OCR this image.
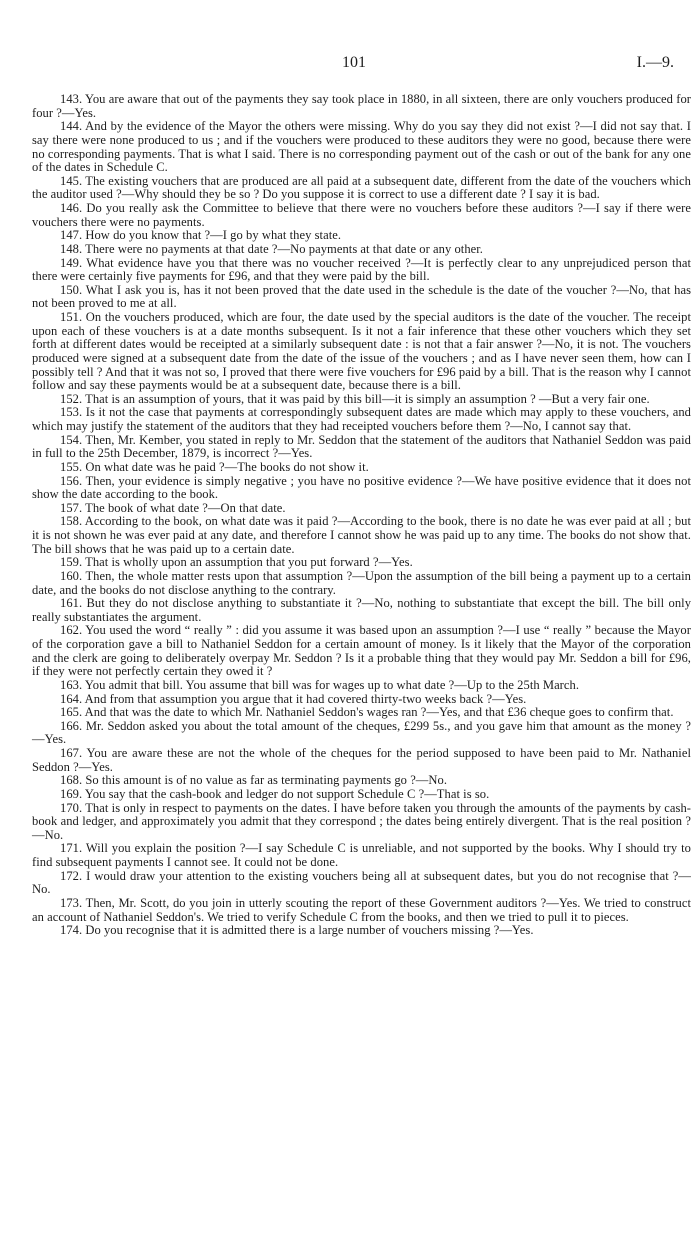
101	I.—9.

143. You are aware that out of the payments they say took place in 1880, in all sixteen, there are only vouchers produced for four ?—Yes.

144. And by the evidence of the Mayor the others were missing. Why do you say they did not exist ?—I did not say that. I say there were none produced to us ; and if the vouchers were produced to these auditors they were no good, because there were no corresponding payments. That is what I said. There is no corresponding payment out of the cash or out of the bank for any one of the dates in Schedule C.

145. The existing vouchers that are produced are all paid at a subsequent date, different from the date of the vouchers which the auditor used ?—Why should they be so ? Do you suppose it is correct to use a different date ? I say it is bad.

146. Do you really ask the Committee to believe that there were no vouchers before these auditors ?—I say if there were vouchers there were no payments.

147. How do you know that ?—I go by what they state.

148. There were no payments at that date ?—No payments at that date or any other.

149. What evidence have you that there was no voucher received ?—It is perfectly clear to any unprejudiced person that there were certainly five payments for £96, and that they were paid by the bill.

150. What I ask you is, has it not been proved that the date used in the schedule is the date of the voucher ?—No, that has not been proved to me at all.

151. On the vouchers produced, which are four, the date used by the special auditors is the date of the voucher. The receipt upon each of these vouchers is at a date months subsequent. Is it not a fair inference that these other vouchers which they set forth at different dates would be receipted at a similarly subsequent date : is not that a fair answer ?—No, it is not. The vouchers produced were signed at a subsequent date from the date of the issue of the vouchers ; and as I have never seen them, how can I possibly tell ? And that it was not so, I proved that there were five vouchers for £96 paid by a bill. That is the reason why I cannot follow and say these payments would be at a subsequent date, because there is a bill.

152. That is an assumption of yours, that it was paid by this bill—it is simply an assumption ? —But a very fair one.

153. Is it not the case that payments at correspondingly subsequent dates are made which may apply to these vouchers, and which may justify the statement of the auditors that they had receipted vouchers before them ?—No, I cannot say that.

154. Then, Mr. Kember, you stated in reply to Mr. Seddon that the statement of the auditors that Nathaniel Seddon was paid in full to the 25th December, 1879, is incorrect ?—Yes.

155. On what date was he paid ?—The books do not show it.

156. Then, your evidence is simply negative ; you have no positive evidence ?—We have positive evidence that it does not show the date according to the book.

157. The book of what date ?—On that date.

158. According to the book, on what date was it paid ?—According to the book, there is no date he was ever paid at all ; but it is not shown he was ever paid at any date, and therefore I cannot show he was paid up to any time. The books do not show that. The bill shows that he was paid up to a certain date.

159. That is wholly upon an assumption that you put forward ?—Yes.

160. Then, the whole matter rests upon that assumption ?—Upon the assumption of the bill being a payment up to a certain date, and the books do not disclose anything to the contrary.

161. But they do not disclose anything to substantiate it ?—No, nothing to substantiate that except the bill. The bill only really substantiates the argument.

162. You used the word “ really ” : did you assume it was based upon an assumption ?—I use “ really ” because the Mayor of the corporation gave a bill to Nathaniel Seddon for a certain amount of money. Is it likely that the Mayor of the corporation and the clerk are going to deliberately overpay Mr. Seddon ? Is it a probable thing that they would pay Mr. Seddon a bill for £96, if they were not perfectly certain they owed it ?

163. You admit that bill. You assume that bill was for wages up to what date ?—Up to the 25th March.

164. And from that assumption you argue that it had covered thirty-two weeks back ?—Yes.

165. And that was the date to which Mr. Nathaniel Seddon's wages ran ?—Yes, and that £36 cheque goes to confirm that.

166. Mr. Seddon asked you about the total amount of the cheques, £299 5s., and you gave him that amount as the money ?—Yes.

167. You are aware these are not the whole of the cheques for the period supposed to have been paid to Mr. Nathaniel Seddon ?—Yes.

168. So this amount is of no value as far as terminating payments go ?—No.

169. You say that the cash-book and ledger do not support Schedule C ?—That is so.

170. That is only in respect to payments on the dates. I have before taken you through the amounts of the payments by cash-book and ledger, and approximately you admit that they correspond ; the dates being entirely divergent. That is the real position ?—No.

171. Will you explain the position ?—I say Schedule C is unreliable, and not supported by the books. Why I should try to find subsequent payments I cannot see. It could not be done.

172. I would draw your attention to the existing vouchers being all at subsequent dates, but you do not recognise that ?—No.

173. Then, Mr. Scott, do you join in utterly scouting the report of these Government auditors ?—Yes. We tried to construct an account of Nathaniel Seddon's. We tried to verify Schedule C from the books, and then we tried to pull it to pieces.

174. Do you recognise that it is admitted there is a large number of vouchers missing ?—Yes.
